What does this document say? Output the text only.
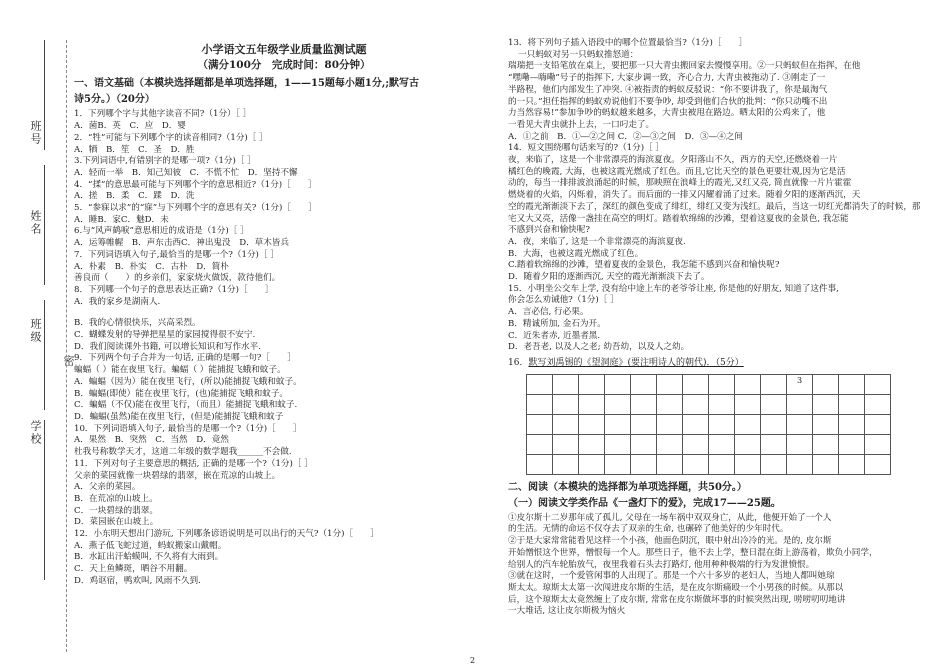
班号
姓名
班级
密
学校

小学语文五年级学业质量监测试题

（满分100分　完成时间：80分钟）

一、语文基础（本模块选择题都是单项选择题，1——15题每小题1分,;默写古

诗5分。）（20分）

1．下列哪个字与其他字读音不同?（1分）［ ］

A．菌B．英　C．应　D．婴

2．“牲”可能与下列哪个字的读音相同?（1分)［ ］

A．牺　B．笙　C．圣　D．胜

3.下列词语中,有错别字的是哪一项?（1分)［ ］

A．轻而一举　B．知己知彼　C．不慌不忙　D．坚持不懈

4．“揉”的意思最可能与下列哪个字的意思相近?（1分)［　　］

A．搓　B．柔　C．蹂　D．洗

5．“参寐以求”的“寐”与下列哪个字的意思有关?（1分)［　　］

A．睡B．家C．魅D．未

6.与“风声鹤唳”意思相近的成语是（1分)［ ］

A．运筹帷幄　B．声东击西C．神出鬼没　D．草木皆兵

7．下列词语填入句子,最恰当的是哪一个?（1分)［ ］

A．朴素　B．朴实　C．古朴　D．简朴

善良而（　　）的乡亲们，家家烧火做饭，款待他们。

8．下列哪一个句子的意思表达正确?（1分)［　　］

A．我的家乡是湖南人.

B．我的心情很快乐，兴高采烈。

C．蝴蝶发射的导弹把星星的家园搅得很不安宁.

D．我们阅读课外书籍, 可以增长知识和写作水平.

9．下列两个句子合并为一句话, 正确的是哪一句?［　　］

蝙蝠（ ）能在夜里飞行。蝙蝠（ ）能捕捉飞蛾和蚊子。

A．蝙蝠（因为）能在夜里飞行，(所以)能捕捉飞蛾和蚊子。

B．蝙蝠(即使）能在夜里飞行，(也)能捕捉飞蛾和蚊子。

C．蝙蝠（不仅)能在夜里飞行，（而且）能捕捉飞蛾和蚊子.

D．蝙蝠(虽然)能在夜里飞行，(但是)能捕捉飞蛾和蚊子

10．下列词语填入句子, 最恰当的是哪一个?（1分)［　　］

A．果然　B．突然　C．当然　D．竟然

杜我号称数学天才，这道二年级的数学题我______不会做.

11．下列对句子主要意思的概括, 正确的是哪一个?（1分)［ ］

父亲的菜园就像一块碧绿的翡翠，嵌在荒凉的山坡上。

A．父亲的菜园。

B．在荒凉的山坡上。

C．一块碧绿的翡翠。

D．菜园嵌在山坡上。

12．小东明天想出门游玩, 下列哪条谚语说明是可以出行的天气?（1分)［　　］

A．燕子低飞蛇过道，蚂蚁搬家山戴帽。

B．水缸出汗蛤蟆叫, 不久将有大雨到。

C．天上鱼鳞斑，晒谷不用翻。

D．鸡讴宿，鸭欢叫, 风雨不久到.

13．将下列句子插入语段中的哪个位置最恰当?（1分)［　　］

一只蚂蚁对另一只蚂蚁推怒道：

瑞瑞把一支铅笔放在桌上，要把那一只大青虫搬回家去慢慢享用。②一只蚂蚁但在指挥，在他

“嘿嘞—嗨嘞”号子的指挥下, 大家步调一致，齐心合力, 大青虫被拖动了. ③刚走了一

半路程，他们内部发生了冲突. ④被指责的蚂蚁反驳说：“你不要讲我了，你是最淘气

的一只。”担任指挥的蚂蚁劝说他们不要争吵, 却受到他们合伙的批判：“你只动嘴不出

力当然容易!”参加争吵的蚂蚁越来越多，大青虫被甩在路边。晒太阳的公鸡来了，他

一看见大青虫就扑上去，一口叼走了。

A．①之前　B．①—②之间 C．②—③之间　D．③—④之间

14．短文围绕哪句话来写的?（1分)［ ］

夜，来临了，这是一个非常漂亮的海滨夏夜。夕阳落山不久，西方的天空,还燃烧着一片

橘红色的晚霞, 大海，也被这霞光燃成了红色。而且,它比天空的景色更要壮观,因为它是活

动的，每当一排排波浪涌起的时候，那映照在浪峰上的霞光,又红又亮, 简直就像一片片霍霍

燃烧着的火焰，闪烁着，消失了。而后面的一排又闪耀着涌了过来。随着夕阳的逐渐西沉，天

空的霞光渐渐淡下去了，深红的颜色变成了绯红，绯红又变为浅红。最后，当这一切红光都消失了的时候，那

宅又大又亮，活像一盏挂在高空的明灯。踏着软绵绵的沙滩，望着这夏夜的金景色, 我怎能

不感到兴奋和愉快呢?

A．夜，来临了, 这是一个非常漂亮的海滨夏夜.

B．大海，也被这霞光燃成了红色。

C.踏着软绵绵的沙滩，望着夏夜的金景色，我怎能不感到兴奋和愉快呢?

D．随着夕阳的逐渐西沉, 天空的霞光渐渐淡下去了。

15．小明坐公交车上学, 没有给中途上车的老爷爷让座, 你是他的好朋友, 知道了这件事,

你会怎么劝诫他?（1分)［ ］

A．言必信, 行必果。

B．精诚所加, 金石为开。

C．近朱者赤, 近墨者黑.

D．老吾老, 以及人之老; 幼吾幼，以及人之幼。

16．默写刘禹锡的《望洞庭》(要注明诗人的朝代)．（5分）

										3			

二、阅读（本模块的选择都为单项选择题，共50分。）

（一）阅读文学类作品《一盏灯下的爱》，完成17——25题。

①皮尔斯十二岁那年成了孤儿, 父母在一场车祸中双双身亡，从此，他便开始了一个人

的生活。无情的命运不仅夺去了双亲的生命, 也碾碎了他美好的少年时代。

②于是大家常常能看见这样一个小孩，他面色阴沉，眼中射出冷冷的光。是的, 皮尔斯

开始憎恨这个世界，憎恨每一个人。那些日子，他不去上学，整日混在街上游荡着，欺负小同学，

给别人的汽车轮胎放气，夜里我着石头去打路灯, 他用种种极端的行为发泄愤恨。

③就在这时，一个爱管闲事的人出现了。那是一个六十多岁的老妇人，当地人都叫她琼

斯太太。琼斯太太第一次闯进皮尔斯的生活，是在皮尔斯痛殴一个小男孩的时候。从那以

后，这个琼斯太太竟然缠上了皮尔斯, 常常在皮尔斯做坏事的时候突然出现, 唠唠叨叨地讲

一大堆话, 这让皮尔斯极为恼火

2
